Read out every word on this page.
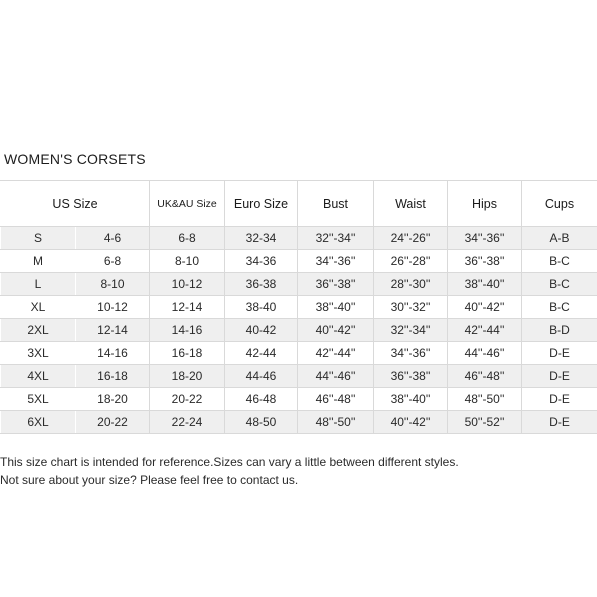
WOMEN'S CORSETS
US Size		UK&AU Size	Euro Size	Bust	Waist	Hips	Cups
S	4-6	6-8	32-34	32''-34''	24''-26''	34''-36''	A-B
M	6-8	8-10	34-36	34''-36''	26''-28''	36''-38''	B-C
L	8-10	10-12	36-38	36''-38''	28''-30''	38''-40''	B-C
XL	10-12	12-14	38-40	38''-40''	30''-32''	40''-42''	B-C
2XL	12-14	14-16	40-42	40''-42''	32''-34''	42''-44''	B-D
3XL	14-16	16-18	42-44	42''-44''	34''-36''	44''-46''	D-E
4XL	16-18	18-20	44-46	44''-46''	36''-38''	46''-48''	D-E
5XL	18-20	20-22	46-48	46''-48''	38''-40''	48''-50''	D-E
6XL	20-22	22-24	48-50	48''-50''	40''-42''	50''-52''	D-E
This size chart is intended for reference.Sizes can vary a little between different styles.
Not sure about your size? Please feel free to contact us.
